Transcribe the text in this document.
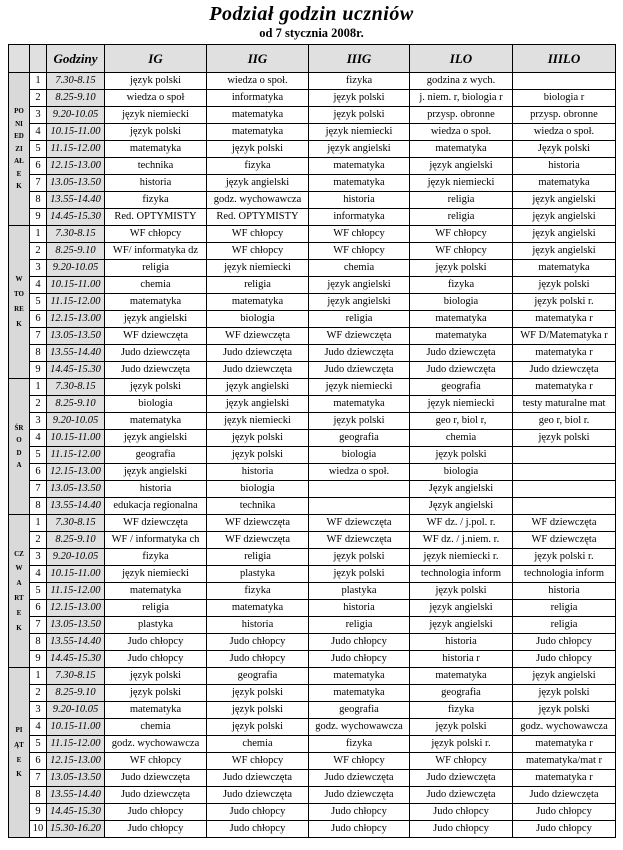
Podział godzin uczniów
od 7 stycznia 2008r.
		Godziny	IG	IIG	IIIG	ILO	IIILO

PONIEDZIAŁEK	1	7.30-8.15	język polski	wiedza o społ.	fizyka	godzina z wych.	
	2	8.25-9.10	wiedza o społ	informatyka	język polski	j. niem. r, biologia r	biologia r
	3	9.20-10.05	język niemiecki	matematyka	język polski	przysp. obronne	przysp. obronne
	4	10.15-11.00	język polski	matematyka	język niemiecki	wiedza o społ.	wiedza o społ.
	5	11.15-12.00	matematyka	język polski	język angielski	matematyka	Język polski
	6	12.15-13.00	technika	fizyka	matematyka	język angielski	historia
	7	13.05-13.50	historia	język angielski	matematyka	język niemiecki	matematyka
	8	13.55-14.40	fizyka	godz. wychowawcza	historia	religia	język angielski
	9	14.45-15.30	Red. OPTYMISTY	Red. OPTYMISTY	informatyka	religia	język angielski

WTOREK	1	7.30-8.15	WF chłopcy	WF chłopcy	WF chłopcy	WF chłopcy	język angielski
	2	8.25-9.10	WF/ informatyka dz	WF chłopcy	WF chłopcy	WF chłopcy	język angielski
	3	9.20-10.05	religia	język niemiecki	chemia	język polski	matematyka
	4	10.15-11.00	chemia	religia	język angielski	fizyka	język polski
	5	11.15-12.00	matematyka	matematyka	język angielski	biologia	język polski r.
	6	12.15-13.00	język angielski	biologia	religia	matematyka	matematyka r
	7	13.05-13.50	WF dziewczęta	WF dziewczęta	WF dziewczęta	matematyka	WF D/Matematyka r
	8	13.55-14.40	Judo dziewczęta	Judo dziewczęta	Judo dziewczęta	Judo dziewczęta	matematyka r
	9	14.45-15.30	Judo dziewczęta	Judo dziewczęta	Judo dziewczęta	Judo dziewczęta	Judo dziewczęta

ŚRODA	1	7.30-8.15	język polski	język angielski	język niemiecki	geografia	matematyka r
	2	8.25-9.10	biologia	język angielski	matematyka	język niemiecki	testy maturalne mat
	3	9.20-10.05	matematyka	język niemiecki	język polski	geo r, biol r,	geo r, biol r.
	4	10.15-11.00	język angielski	język polski	geografia	chemia	język polski
	5	11.15-12.00	geografia	język polski	biologia	język polski	
	6	12.15-13.00	język angielski	historia	wiedza o społ.	biologia	
	7	13.05-13.50	historia	biologia		Język angielski	
	8	13.55-14.40	edukacja regionalna	technika		Język angielski	

CZWARTEK	1	7.30-8.15	WF dziewczęta	WF dziewczęta	WF dziewczęta	WF dz. / j.pol. r.	WF dziewczęta
	2	8.25-9.10	WF / informatyka ch	WF dziewczęta	WF dziewczęta	WF dz. / j.niem. r.	WF dziewczęta
	3	9.20-10.05	fizyka	religia	język polski	język niemiecki r.	język polski r.
	4	10.15-11.00	język niemiecki	plastyka	język polski	technologia inform	technologia inform
	5	11.15-12.00	matematyka	fizyka	plastyka	język polski	historia
	6	12.15-13.00	religia	matematyka	historia	język angielski	religia
	7	13.05-13.50	plastyka	historia	religia	język angielski	religia
	8	13.55-14.40	Judo chłopcy	Judo chłopcy	Judo chłopcy	historia	Judo chłopcy
	9	14.45-15.30	Judo chłopcy	Judo chłopcy	Judo chłopcy	historia r	Judo chłopcy

PIĄTEK	1	7.30-8.15	język polski	geografia	matematyka	matematyka	język angielski
	2	8.25-9.10	język polski	język polski	matematyka	geografia	język polski
	3	9.20-10.05	matematyka	język polski	geografia	fizyka	język polski
	4	10.15-11.00	chemia	język polski	godz. wychowawcza	język polski	godz. wychowawcza
	5	11.15-12.00	godz. wychowawcza	chemia	fizyka	język polski r.	matematyka r
	6	12.15-13.00	WF chłopcy	WF chłopcy	WF chłopcy	WF chłopcy	matematyka/mat r
	7	13.05-13.50	Judo dziewczęta	Judo dziewczęta	Judo dziewczęta	Judo dziewczęta	matematyka r
	8	13.55-14.40	Judo dziewczęta	Judo dziewczęta	Judo dziewczęta	Judo dziewczęta	Judo dziewczęta
	9	14.45-15.30	Judo chłopcy	Judo chłopcy	Judo chłopcy	Judo chłopcy	Judo chłopcy
	10	15.30-16.20	Judo chłopcy	Judo chłopcy	Judo chłopcy	Judo chłopcy	Judo chłopcy
